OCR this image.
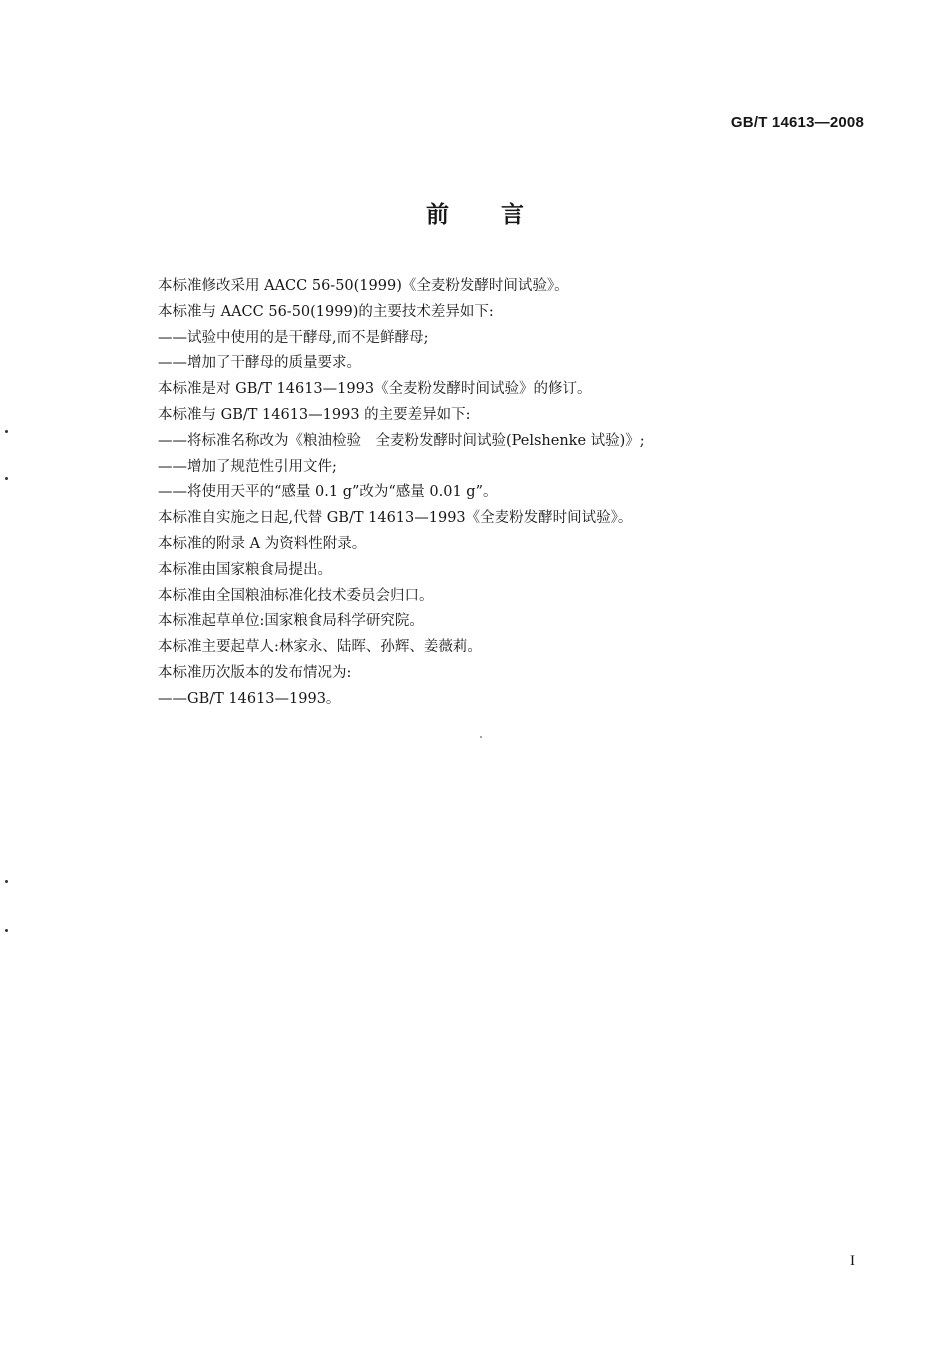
GB/T 14613—2008
前言
本标准修改采用 AACC 56-50(1999)《全麦粉发酵时间试验》。
本标准与 AACC 56-50(1999)的主要技术差异如下:
——试验中使用的是干酵母,而不是鲜酵母;
——增加了干酵母的质量要求。
本标准是对 GB/T 14613—1993《全麦粉发酵时间试验》的修订。
本标准与 GB/T 14613—1993 的主要差异如下:
——将标准名称改为《粮油检验　全麦粉发酵时间试验(Pelshenke 试验)》;
——增加了规范性引用文件;
——将使用天平的“感量 0.1 g”改为“感量 0.01 g”。
本标准自实施之日起,代替 GB/T 14613—1993《全麦粉发酵时间试验》。
本标准的附录 A 为资料性附录。
本标准由国家粮食局提出。
本标准由全国粮油标准化技术委员会归口。
本标准起草单位:国家粮食局科学研究院。
本标准主要起草人:林家永、陆晖、孙辉、姜薇莉。
本标准历次版本的发布情况为:
——GB/T 14613—1993。
I
